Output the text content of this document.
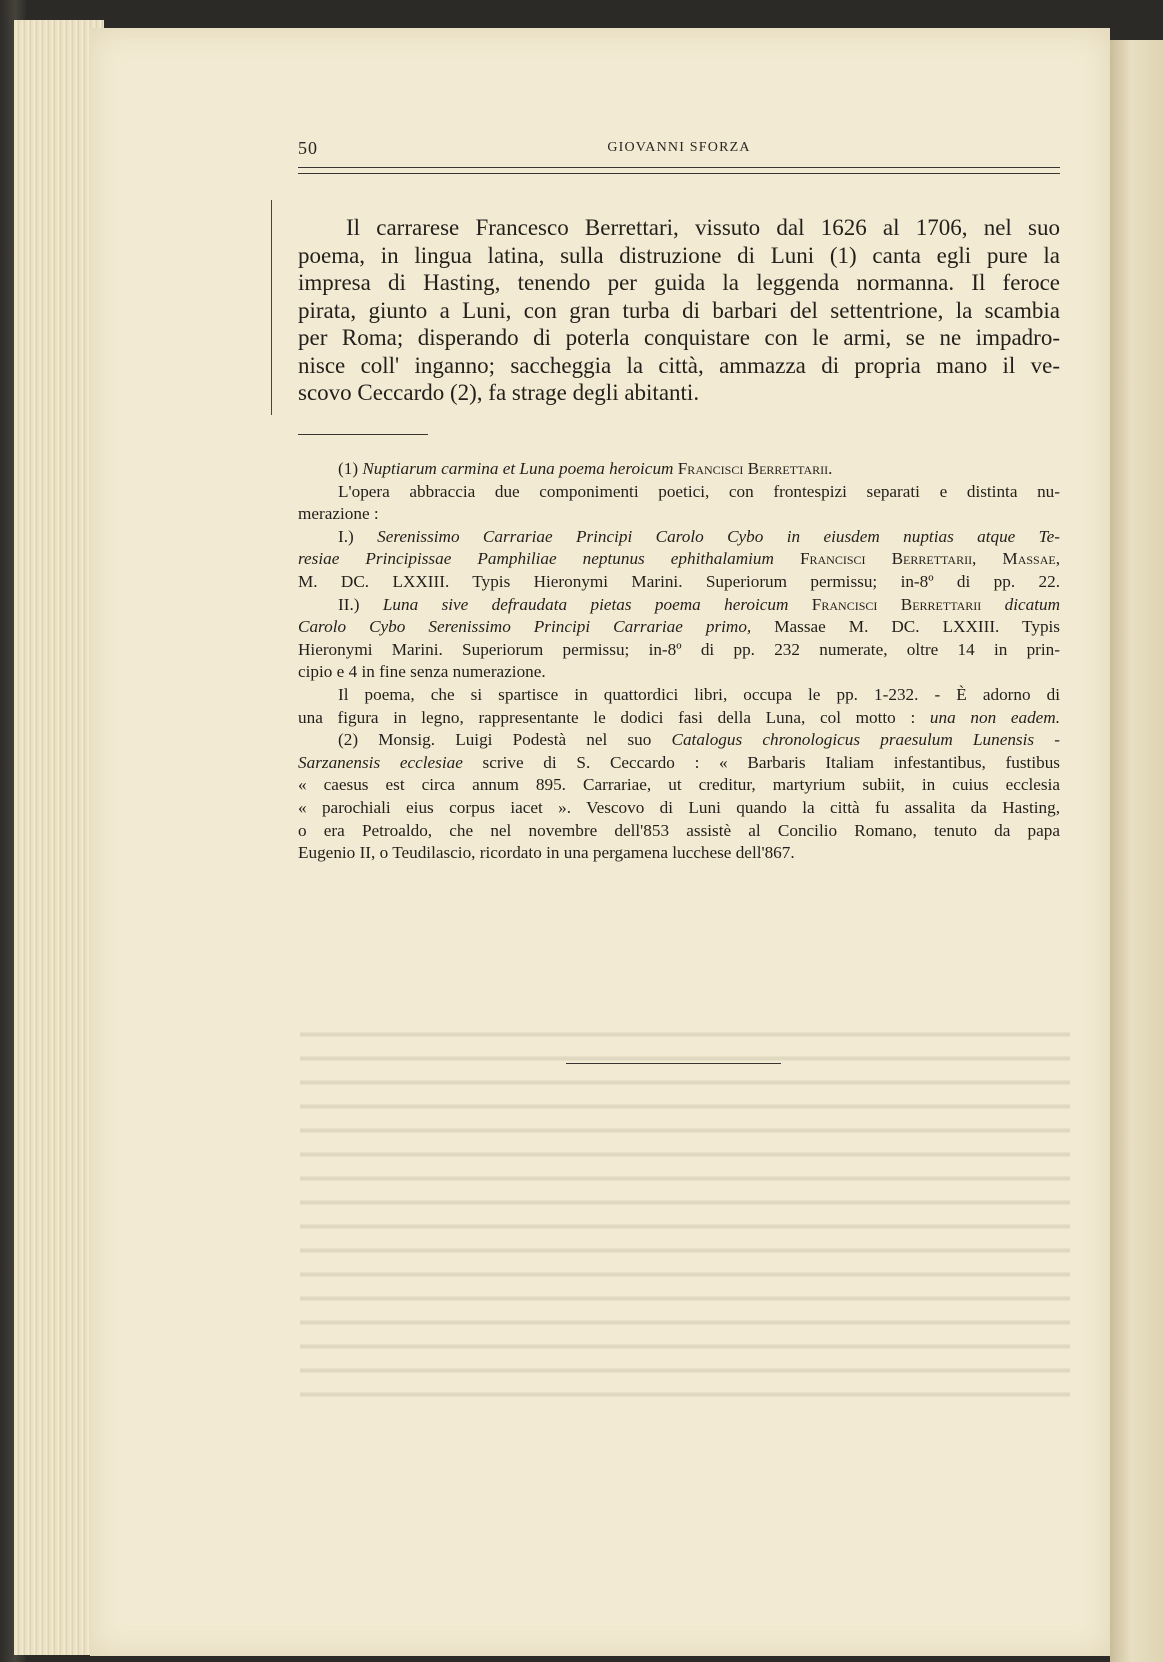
50	GIOVANNI SFORZA
Il carrarese Francesco Berrettari, vissuto dal 1626 al 1706, nel suo
poema, in lingua latina, sulla distruzione di Luni (1) canta egli pure la
impresa di Hasting, tenendo per guida la leggenda normanna. Il feroce
pirata, giunto a Luni, con gran turba di barbari del settentrione, la scambia
per Roma; disperando di poterla conquistare con le armi, se ne impadro-
nisce coll' inganno; saccheggia la città, ammazza di propria mano il ve-
scovo Ceccardo (2), fa strage degli abitanti.
(1) Nuptiarum carmina et Luna poema heroicum Francisci Berrettarii.
L'opera abbraccia due componimenti poetici, con frontespizi separati e distinta nu-
merazione :
I.) Serenissimo Carrariae Principi Carolo Cybo in eiusdem nuptias atque Te-
resiae Principissae Pamphiliae neptunus ephithalamium Francisci Berrettarii, Massae,
M. DC. LXXIII. Typis Hieronymi Marini. Superiorum permissu; in-8º di pp. 22.
II.) Luna sive defraudata pietas poema heroicum Francisci Berrettarii dicatum
Carolo Cybo Serenissimo Principi Carrariae primo, Massae M. DC. LXXIII. Typis
Hieronymi Marini. Superiorum permissu; in-8º di pp. 232 numerate, oltre 14 in prin-
cipio e 4 in fine senza numerazione.
Il poema, che si spartisce in quattordici libri, occupa le pp. 1-232. - È adorno di
una figura in legno, rappresentante le dodici fasi della Luna, col motto : una non eadem.
(2) Monsig. Luigi Podestà nel suo Catalogus chronologicus praesulum Lunensis -
Sarzanensis ecclesiae scrive di S. Ceccardo : « Barbaris Italiam infestantibus, fustibus
« caesus est circa annum 895. Carrariae, ut creditur, martyrium subiit, in cuius ecclesia
« parochiali eius corpus iacet ». Vescovo di Luni quando la città fu assalita da Hasting,
o era Petroaldo, che nel novembre dell'853 assistè al Concilio Romano, tenuto da papa
Eugenio II, o Teudilascio, ricordato in una pergamena lucchese dell'867.
